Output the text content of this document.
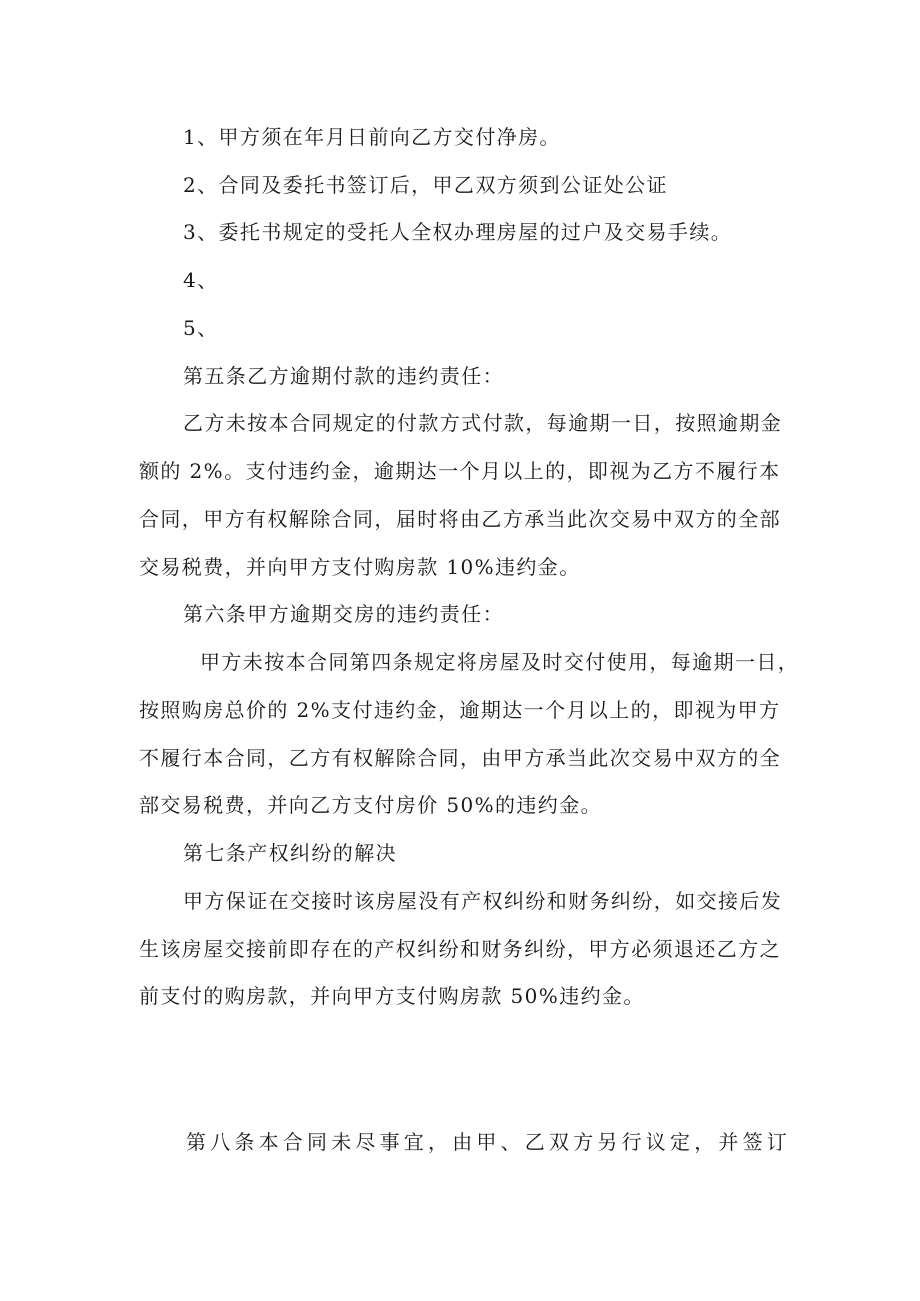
1、甲方须在年月日前向乙方交付净房。
2、合同及委托书签订后，甲乙双方须到公证处公证
3、委托书规定的受托人全权办理房屋的过户及交易手续。
4、
5、
第五条乙方逾期付款的违约责任：
乙方未按本合同规定的付款方式付款，每逾期一日，按照逾期金
额的 2%。支付违约金，逾期达一个月以上的，即视为乙方不履行本
合同，甲方有权解除合同，届时将由乙方承当此次交易中双方的全部
交易税费，并向甲方支付购房款 10%违约金。
第六条甲方逾期交房的违约责任：
甲方未按本合同第四条规定将房屋及时交付使用，每逾期一日，
按照购房总价的 2%支付违约金，逾期达一个月以上的，即视为甲方
不履行本合同，乙方有权解除合同，由甲方承当此次交易中双方的全
部交易税费，并向乙方支付房价 50%的违约金。
第七条产权纠纷的解决
甲方保证在交接时该房屋没有产权纠纷和财务纠纷，如交接后发
生该房屋交接前即存在的产权纠纷和财务纠纷，甲方必须退还乙方之
前支付的购房款，并向甲方支付购房款 50%违约金。
第八条本合同未尽事宜，由甲、乙双方另行议定，并签订
